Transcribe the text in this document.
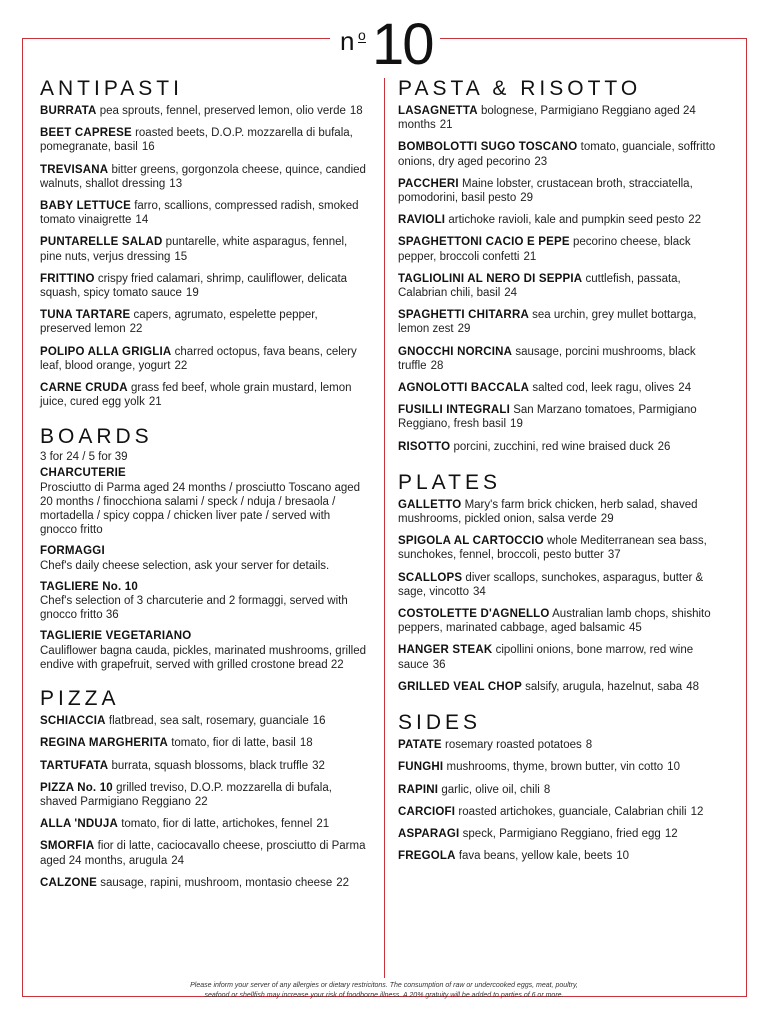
n o 10
ANTIPASTI
BURRATA pea sprouts, fennel, preserved lemon, olio verde 18
BEET CAPRESE roasted beets, D.O.P. mozzarella di bufala, pomegranate, basil 16
TREVISANA bitter greens, gorgonzola cheese, quince, candied walnuts, shallot dressing 13
BABY LETTUCE farro, scallions, compressed radish, smoked tomato vinaigrette 14
PUNTARELLE SALAD puntarelle, white asparagus, fennel, pine nuts, verjus dressing 15
FRITTINO crispy fried calamari, shrimp, cauliflower, delicata squash, spicy tomato sauce 19
TUNA TARTARE capers, agrumato, espelette pepper, preserved lemon 22
POLIPO ALLA GRIGLIA charred octopus, fava beans, celery leaf, blood orange, yogurt 22
CARNE CRUDA grass fed beef, whole grain mustard, lemon juice, cured egg yolk 21
BOARDS
3 for 24 / 5 for 39
CHARCUTERIE
Prosciutto di Parma aged 24 months / prosciutto Toscano aged 20 months / finocchiona salami / speck / nduja / bresaola / mortadella / spicy coppa / chicken liver pate / served with gnocco fritto
FORMAGGI
Chef's daily cheese selection, ask your server for details.
TAGLIERE No. 10
Chef's selection of 3 charcuterie and 2 formaggi, served with gnocco fritto 36
TAGLIERIE VEGETARIANO
Cauliflower bagna cauda, pickles, marinated mushrooms, grilled endive with grapefruit, served with grilled crostone bread 22
PIZZA
SCHIACCIA flatbread, sea salt, rosemary, guanciale 16
REGINA MARGHERITA tomato, fior di latte, basil 18
TARTUFATA burrata, squash blossoms, black truffle 32
PIZZA No. 10 grilled treviso, D.O.P. mozzarella di bufala, shaved Parmigiano Reggiano 22
ALLA 'NDUJA tomato, fior di latte, artichokes, fennel 21
SMORFIA fior di latte, caciocavallo cheese, prosciutto di Parma aged 24 months, arugula 24
CALZONE sausage, rapini, mushroom, montasio cheese 22
PASTA & RISOTTO
LASAGNETTA bolognese, Parmigiano Reggiano aged 24 months 21
BOMBOLOTTI SUGO TOSCANO tomato, guanciale, soffritto onions, dry aged pecorino 23
PACCHERI Maine lobster, crustacean broth, stracciatella, pomodorini, basil pesto 29
RAVIOLI artichoke ravioli, kale and pumpkin seed pesto 22
SPAGHETTONI CACIO E PEPE pecorino cheese, black pepper, broccoli confetti 21
TAGLIOLINI AL NERO DI SEPPIA cuttlefish, passata, Calabrian chili, basil 24
SPAGHETTI CHITARRA sea urchin, grey mullet bottarga, lemon zest 29
GNOCCHI NORCINA sausage, porcini mushrooms, black truffle 28
AGNOLOTTI BACCALA salted cod, leek ragu, olives 24
FUSILLI INTEGRALI San Marzano tomatoes, Parmigiano Reggiano, fresh basil 19
RISOTTO porcini, zucchini, red wine braised duck 26
PLATES
GALLETTO Mary's farm brick chicken, herb salad, shaved mushrooms, pickled onion, salsa verde 29
SPIGOLA AL CARTOCCIO whole Mediterranean sea bass, sunchokes, fennel, broccoli, pesto butter 37
SCALLOPS diver scallops, sunchokes, asparagus, butter & sage, vincotto 34
COSTOLETTE D'AGNELLO Australian lamb chops, shishito peppers, marinated cabbage, aged balsamic 45
HANGER STEAK cipollini onions, bone marrow, red wine sauce 36
GRILLED VEAL CHOP salsify, arugula, hazelnut, saba 48
SIDES
PATATE rosemary roasted potatoes 8
FUNGHI mushrooms, thyme, brown butter, vin cotto 10
RAPINI garlic, olive oil, chili 8
CARCIOFI roasted artichokes, guanciale, Calabrian chili 12
ASPARAGI speck, Parmigiano Reggiano, fried egg 12
FREGOLA fava beans, yellow kale, beets 10
Please inform your server of any allergies or dietary restricitons. The consumption of raw or undercooked eggs, meat, poultry,
seafood or shellfish may increase your risk of foodborne illness. A 20% gratuity will be added to parties of 6 or more.
